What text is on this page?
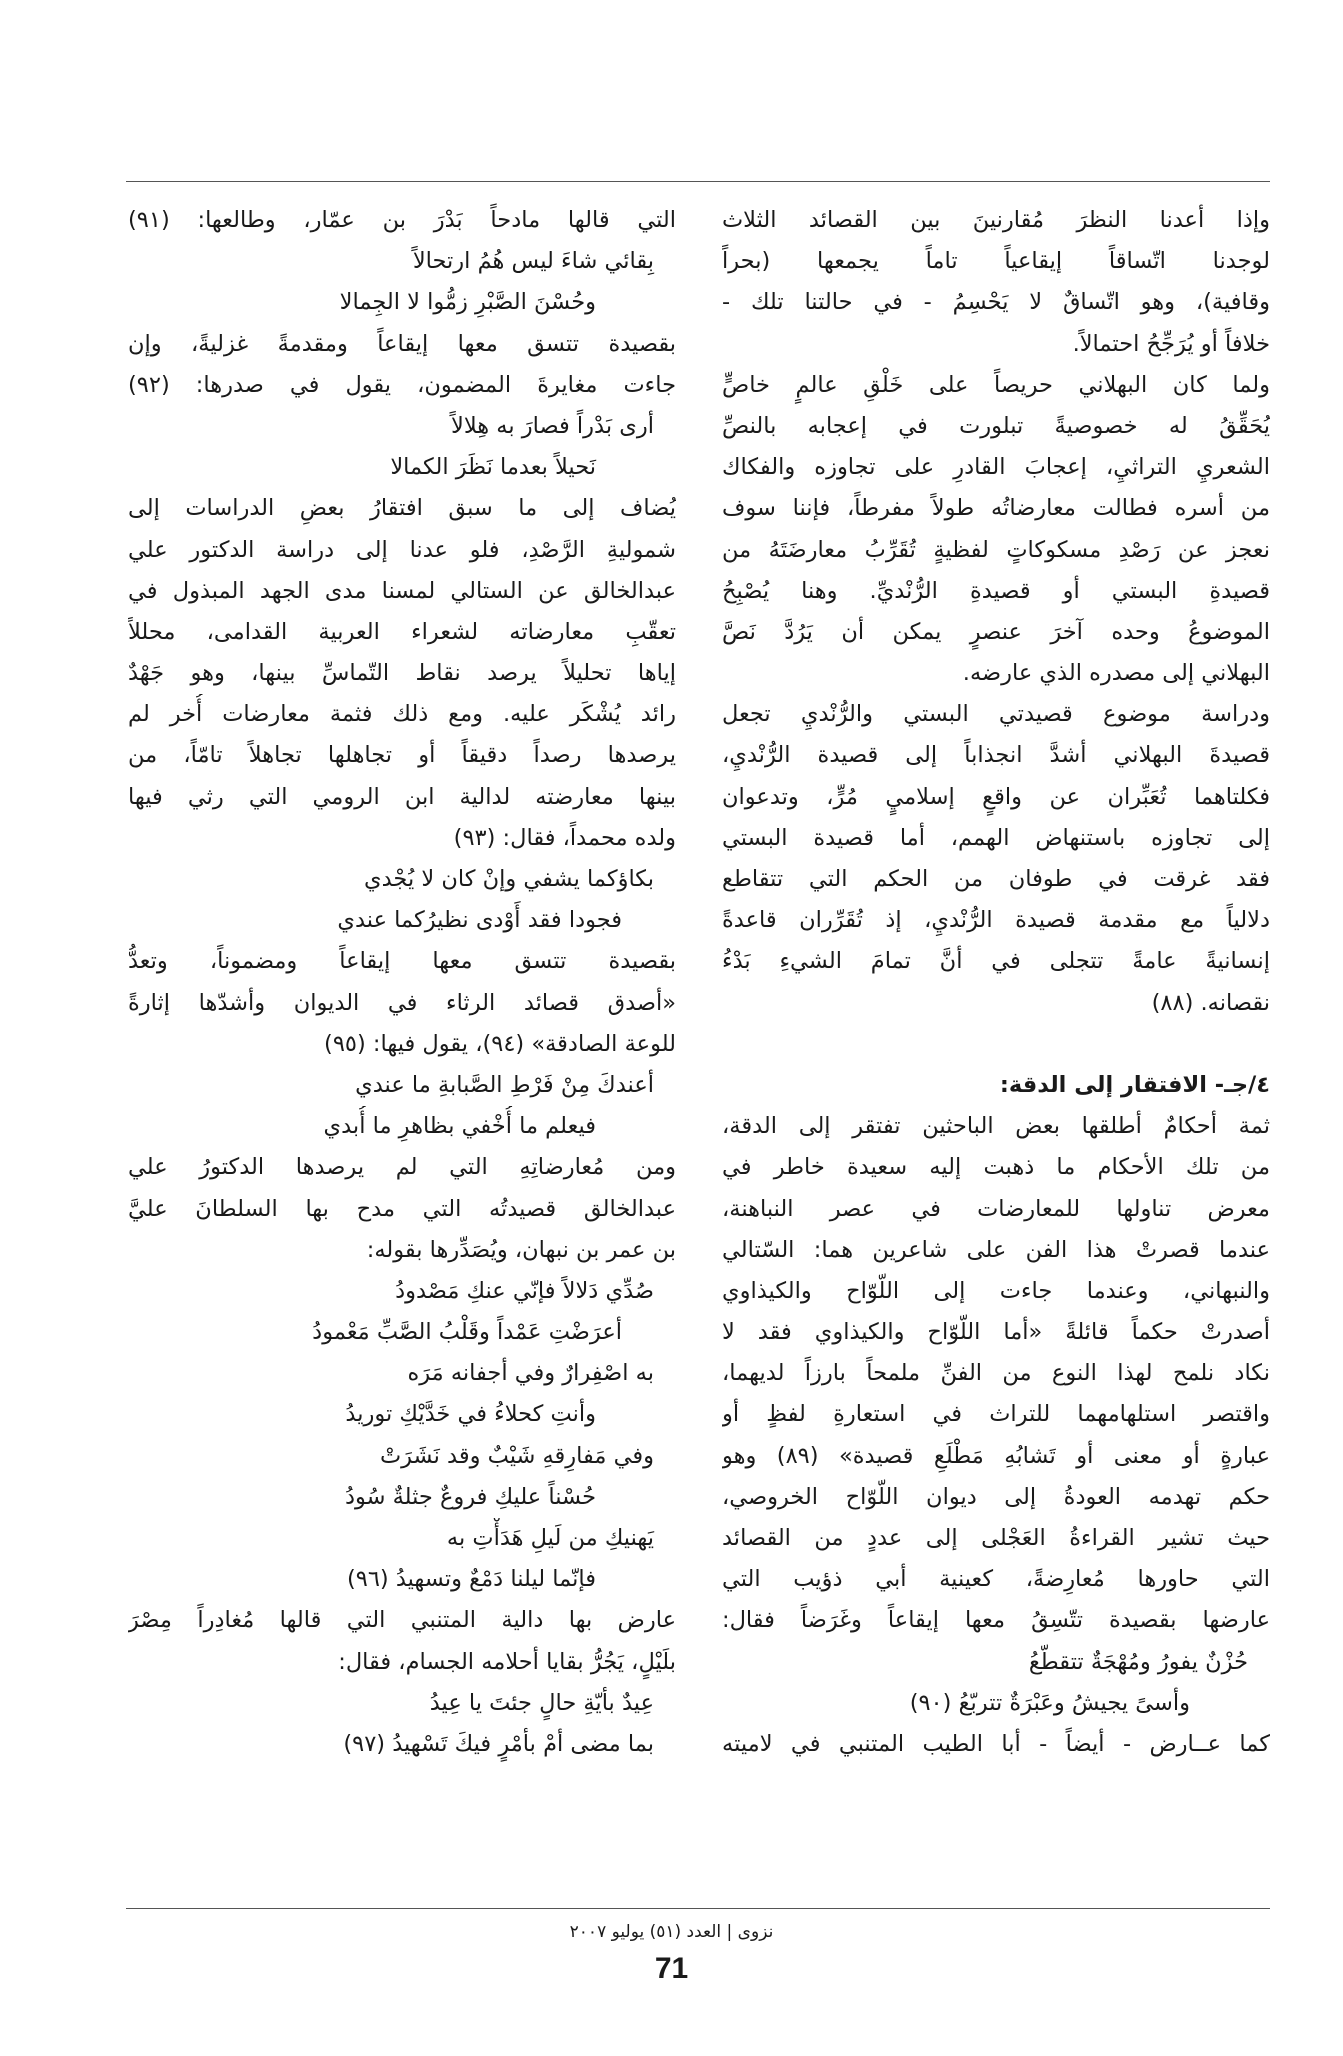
وإذا أعدنا النظرَ مُقارنينَ بين القصائد الثلاث
لوجدنا اتّساقاً إيقاعياً تاماً يجمعها (بحراً
وقافية)، وهو اتّساقٌ لا يَحْسِمُ - في حالتنا تلك -
خلافاً أو يُرَجِّحُ احتمالاً.
ولما كان البهلاني حريصاً على خَلْقِ عالمٍ خاصٍّ
يُحَقِّقُ له خصوصيةً تبلورت في إعجابه بالنصِّ
الشعريِ التراثيِ، إعجابَ القادرِ على تجاوزه والفكاك
من أسره فطالت معارضاتُه طولاً مفرطاً، فإننا سوف
نعجز عن رَصْدِ مسكوكاتٍ لفظيةٍ تُقَرِّبُ معارضَتَهُ من
قصيدةِ البستي أو قصيدةِ الرُّنْديِّ. وهنا يُصْبِحُ
الموضوعُ وحده آخرَ عنصرٍ يمكن أن يَرُدَّ نَصَّ
البهلاني إلى مصدره الذي عارضه.
ودراسة موضوع قصيدتي البستي والرُّنْديِ تجعل
قصيدةَ البهلاني أشدَّ انجذاباً إلى قصيدة الرُّنْديِ،
فكلتاهما تُعَبِّران عن واقعٍ إسلاميٍ مُرٍّ، وتدعوان
إلى تجاوزه باستنهاض الهمم، أما قصيدة البستي
فقد غرقت في طوفان من الحكم التي تتقاطع
دلالياً مع مقدمة قصيدة الرُّنْديِ، إذ تُقَرِّران قاعدةً
إنسانيةً عامةً تتجلى في أنَّ تمامَ الشيءِ بَدْءُ
نقصانه. (٨٨)
٤/جـ- الافتقار إلى الدقة:
ثمة أحكامٌ أطلقها بعض الباحثين تفتقر إلى الدقة،
من تلك الأحكام ما ذهبت إليه سعيدة خاطر في
معرض تناولها للمعارضات في عصر النباهنة،
عندما قصرتْ هذا الفن على شاعرين هما: السّتالي
والنبهاني، وعندما جاءت إلى اللّوّاح والكيذاوي
أصدرتْ حكماً قائلةً «أما اللّوّاح والكيذاوي فقد لا
نكاد نلمح لهذا النوع من الفنِّ ملمحاً بارزاً لديهما،
واقتصر استلهامهما للتراث في استعارةِ لفظٍ أو
عبارةٍ أو معنى أو تَشابُهِ مَطْلَعِ قصيدة» (٨٩) وهو
حكم تهدمه العودةُ إلى ديوان اللّوّاح الخروصي،
حيث تشير القراءةُ العَجْلى إلى عددٍ من القصائد
التي حاورها مُعارِضةً، كعينية أبي ذؤيب التي
عارضها بقصيدة تتّسِقُ معها إيقاعاً وغَرَضاً فقال:
حُزْنٌ يفورُ ومُهْجَةٌ تتقطّعُ
وأسىً يجيشُ وعَبْرَةٌ تتربّعُ (٩٠)
كما عــارض - أيضاً - أبا الطيب المتنبي في لاميته
التي قالها مادحاً بَدْرَ بن عمّار، وطالعها: (٩١)
بِقائي شاءَ ليس هُمُ ارتحالاً
وحُسْنَ الصَّبْرِ زمُّوا لا الجِمالا
بقصيدة تتسق معها إيقاعاً ومقدمةً غزليةً، وإن
جاءت مغايرةَ المضمون، يقول في صدرها: (٩٢)
أرى بَدْراً فصارَ به هِلالاً
نَحيلاً بعدما نَظَرَ الكمالا
يُضاف إلى ما سبق افتقارُ بعضِ الدراسات إلى
شموليةِ الرَّصْدِ، فلو عدنا إلى دراسة الدكتور علي
عبدالخالق عن الستالي لمسنا مدى الجهد المبذول في
تعقّبِ معارضاته لشعراء العربية القدامى، محللاً
إياها تحليلاً يرصد نقاط التّماسِّ بينها، وهو جَهْدٌ
رائد يُشْكَر عليه. ومع ذلك فثمة معارضات أُخر لم
يرصدها رصداً دقيقاً أو تجاهلها تجاهلاً تامّاً، من
بينها معارضته لدالية ابن الرومي التي رثي فيها
ولده محمداً، فقال: (٩٣)
بكاؤكما يشفي وإنْ كان لا يُجْدي
فجودا فقد أَوْدى نظيرُكما عندي
بقصيدة تتسق معها إيقاعاً ومضموناً، وتعدُّ
«أصدق قصائد الرثاء في الديوان وأشدّها إثارةً
للوعة الصادقة» (٩٤)، يقول فيها: (٩٥)
أعندكَ مِنْ فَرْطِ الصَّبابةِ ما عندي
فيعلم ما أُخْفي بظاهرِ ما أُبدي
ومن مُعارضاتِهِ التي لم يرصدها الدكتورُ علي
عبدالخالق قصيدتُه التي مدح بها السلطانَ عليَّ
بن عمر بن نبهان، ويُصَدِّرها بقوله:
صُدِّي دَلالاً فإنّي عنكِ مَصْدودُ
أعرَضْتِ عَمْداً وقَلْبُ الصَّبِّ مَعْمودُ
به اصْفِرارٌ وفي أجفانه مَرَه
وأنتِ كحلاءُ في خَدَّيْكِ توريدُ
وفي مَفارِقهِ شَيْبٌ وقد نَشَرَتْ
حُسْناً عليكِ فروعٌ جثلةٌ سُودُ
يَهنيكِ من لَيلِ هَدَأْتِ به
فإنّما ليلنا دَمْعٌ وتسهيدُ (٩٦)
عارض بها دالية المتنبي التي قالها مُغادِراً مِصْرَ
بلَيْلٍ، يَجُرُّ بقايا أحلامه الجسام، فقال:
عِيدٌ بأيّةِ حالٍ جئتَ يا عِيدُ
بما مضى أمْ بأمْرٍ فيكَ تَسْهيدُ (٩٧)
نزوى | العدد (٥١) يوليو ٢٠٠٧
71
